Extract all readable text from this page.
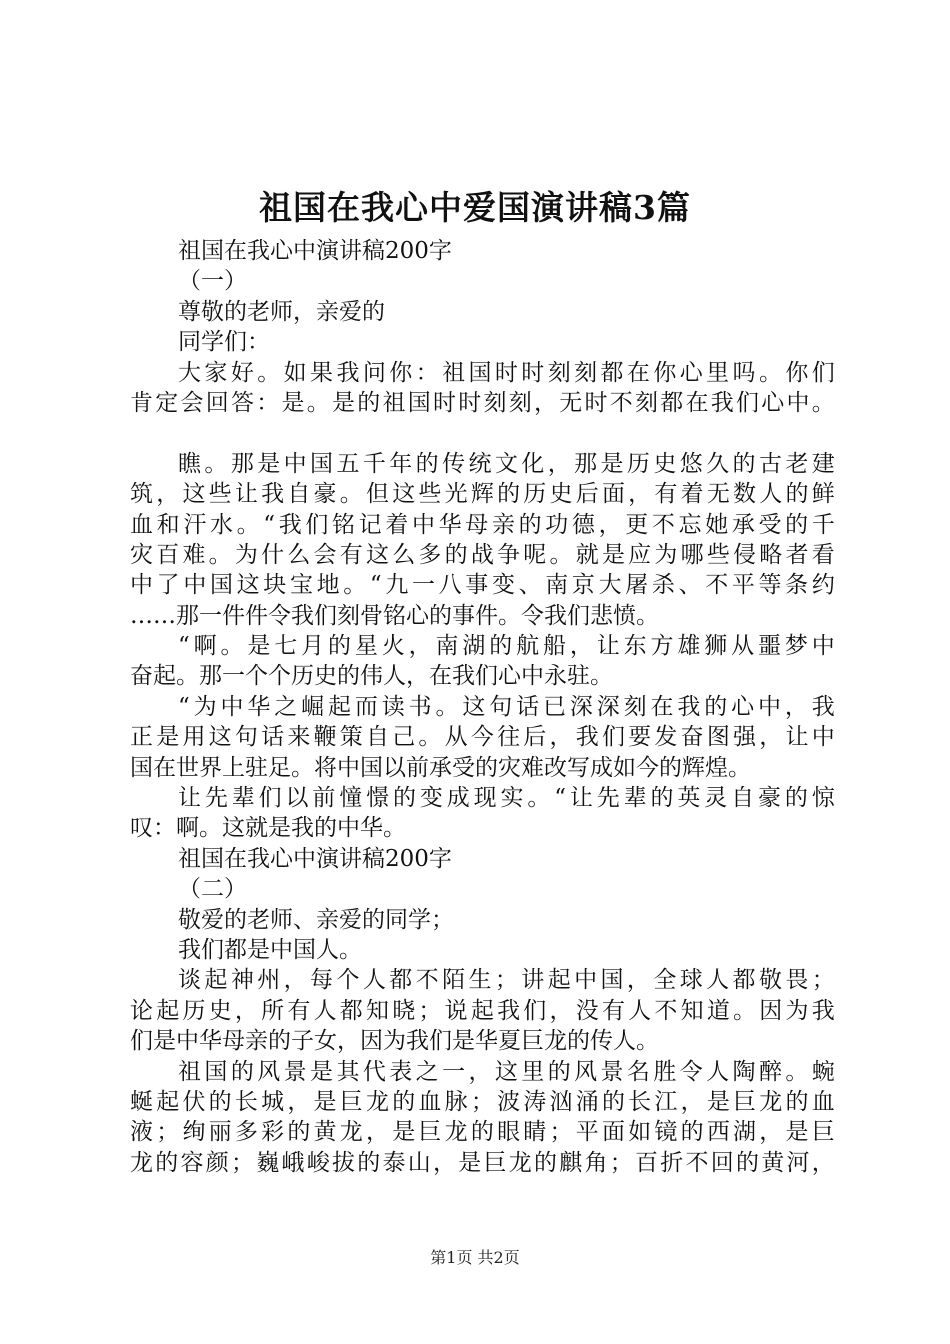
祖国在我心中爱国演讲稿3篇
祖国在我心中演讲稿200字
（一）
尊敬的老师，亲爱的
同学们：
大 家 好 。 如 果 我 问 你 ： 祖 国 时 时 刻 刻 都 在 你 心 里 吗 。 你 们
肯 定 会 回 答 ： 是 。 是 的 祖 国 时 时 刻 刻 ， 无 时 不 刻 都 在 我 们 心 中 。
瞧 。 那 是 中 国 五 千 年 的 传 统 文 化 ， 那 是 历 史 悠 久 的 古 老 建
筑 ， 这 些 让 我 自 豪 。 但 这 些 光 辉 的 历 史 后 面 ， 有 着 无 数 人 的 鲜
血 和 汗 水 。 “ 我 们 铭 记 着 中 华 母 亲 的 功 德 ， 更 不 忘 她 承 受 的 千
灾 百 难 。 为 什 么 会 有 这 么 多 的 战 争 呢 。 就 是 应 为 哪 些 侵 略 者 看
中 了 中 国 这 块 宝 地 。 “ 九 一 八 事 变 、 南 京 大 屠 杀 、 不 平 等 条 约
……那一件件令我们刻骨铭心的事件。令我们悲愤。
“ 啊 。 是 七 月 的 星 火 ， 南 湖 的 航 船 ， 让 东 方 雄 狮 从 噩 梦 中
奋起。那一个个历史的伟人，在我们心中永驻。
“ 为 中 华 之 崛 起 而 读 书 。 这 句 话 已 深 深 刻 在 我 的 心 中 ， 我
正 是 用 这 句 话 来 鞭 策 自 己 。 从 今 往 后 ， 我 们 要 发 奋 图 强 ， 让 中
国在世界上驻足。将中国以前承受的灾难改写成如今的辉煌。
让 先 辈 们 以 前 憧 憬 的 变 成 现 实 。 “ 让 先 辈 的 英 灵 自 豪 的 惊
叹：啊。这就是我的中华。
祖国在我心中演讲稿200字
（二）
敬爱的老师、亲爱的同学；
我们都是中国人。
谈 起 神 州 ， 每 个 人 都 不 陌 生 ； 讲 起 中 国 ， 全 球 人 都 敬 畏 ；
论 起 历 史 ， 所 有 人 都 知 晓 ； 说 起 我 们 ， 没 有 人 不 知 道 。 因 为 我
们是中华母亲的子女，因为我们是华夏巨龙的传人。
祖 国 的 风 景 是 其 代 表 之 一 ， 这 里 的 风 景 名 胜 令 人 陶 醉 。 蜿
蜒 起 伏 的 长 城 ， 是 巨 龙 的 血 脉 ； 波 涛 汹 涌 的 长 江 ， 是 巨 龙 的 血
液 ； 绚 丽 多 彩 的 黄 龙 ， 是 巨 龙 的 眼 睛 ； 平 面 如 镜 的 西 湖 ， 是 巨
龙 的 容 颜 ； 巍 峨 峻 拔 的 泰 山 ， 是 巨 龙 的 麒 角 ； 百 折 不 回 的 黄 河 ，
第1页 共2页
